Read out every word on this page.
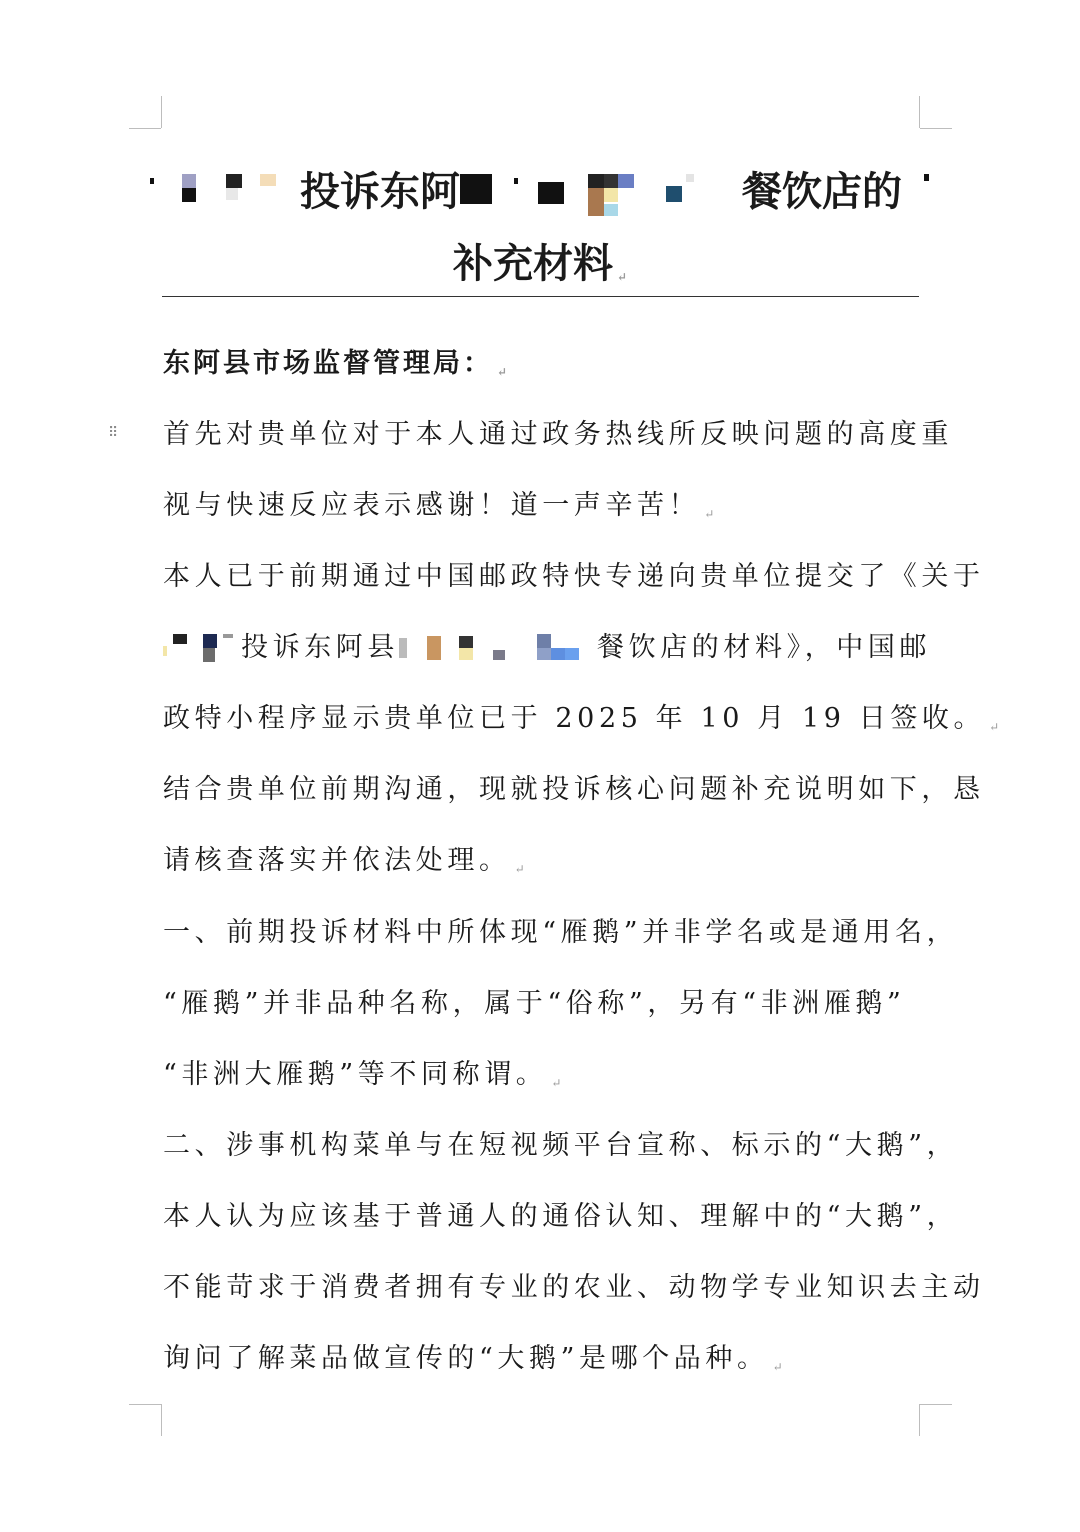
投诉东阿	餐饮店的
补充材料 ↵
⠿
东阿县市场监督管理局： ↵
首先对贵单位对于本人通过政务热线所反映问题的高度重
视与快速反应表示感谢！道一声辛苦！ ↵
本人已于前期通过中国邮政特快专递向贵单位提交了《关于
投诉东阿县	餐饮店的材料》，中国邮
政特小程序显示贵单位已于 2025 年 10 月 19 日签收。 ↵
结合贵单位前期沟通，现就投诉核心问题补充说明如下，恳
请核查落实并依法处理。 ↵
一、前期投诉材料中所体现“雁鹅”并非学名或是通用名，
“雁鹅”并非品种名称，属于“俗称”，另有“非洲雁鹅”
“非洲大雁鹅”等不同称谓。 ↵
二、涉事机构菜单与在短视频平台宣称、标示的“大鹅”，
本人认为应该基于普通人的通俗认知、理解中的“大鹅”，
不能苛求于消费者拥有专业的农业、动物学专业知识去主动
询问了解菜品做宣传的“大鹅”是哪个品种。 ↵
